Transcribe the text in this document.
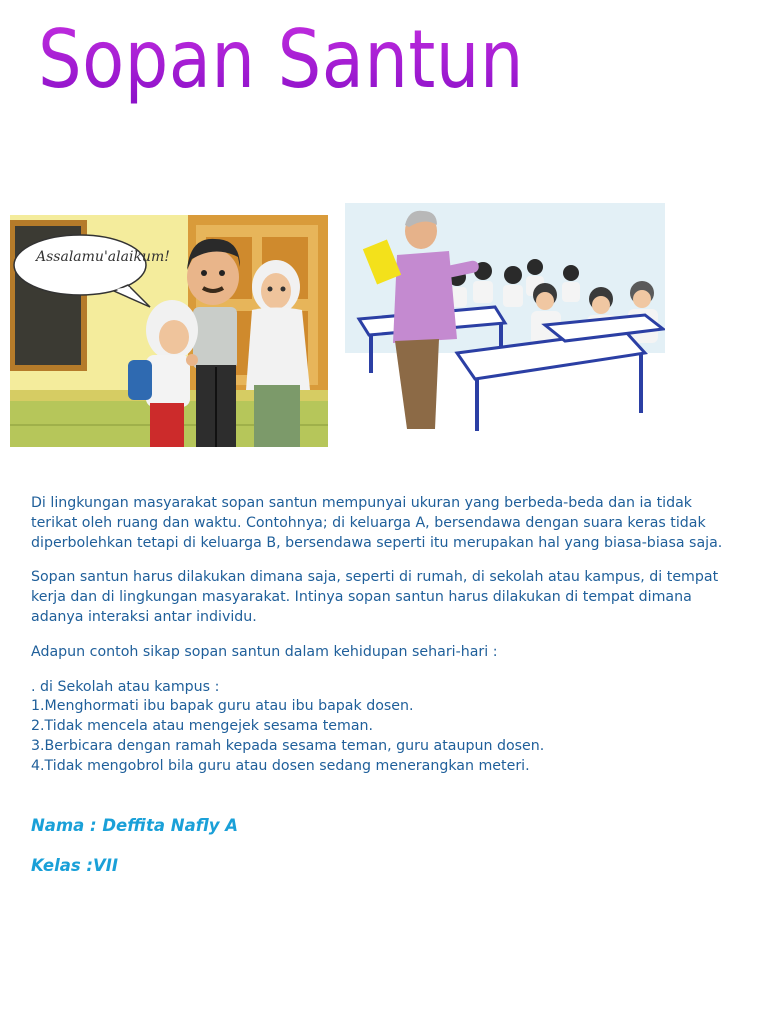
Sopan Santun
Assalamu'alaikum!

Di lingkungan masyarakat sopan santun mempunyai ukuran yang berbeda-beda dan ia tidak terikat oleh ruang dan waktu. Contohnya; di keluarga A, bersendawa dengan suara keras tidak diperbolehkan tetapi di keluarga B, bersendawa seperti itu merupakan hal yang biasa-biasa saja.

Sopan santun harus dilakukan dimana saja, seperti di rumah, di sekolah atau kampus, di tempat kerja dan di lingkungan masyarakat. Intinya sopan santun harus dilakukan di tempat dimana adanya interaksi antar individu.

Adapun contoh sikap sopan santun dalam kehidupan sehari-hari :

. di Sekolah atau kampus :
1.Menghormati ibu bapak guru atau ibu bapak dosen.
2.Tidak mencela atau mengejek sesama teman.
3.Berbicara dengan ramah kepada sesama teman, guru ataupun dosen.
4.Tidak mengobrol bila guru atau dosen sedang menerangkan meteri.
Nama : Deffita Nafly A
Kelas :VII
